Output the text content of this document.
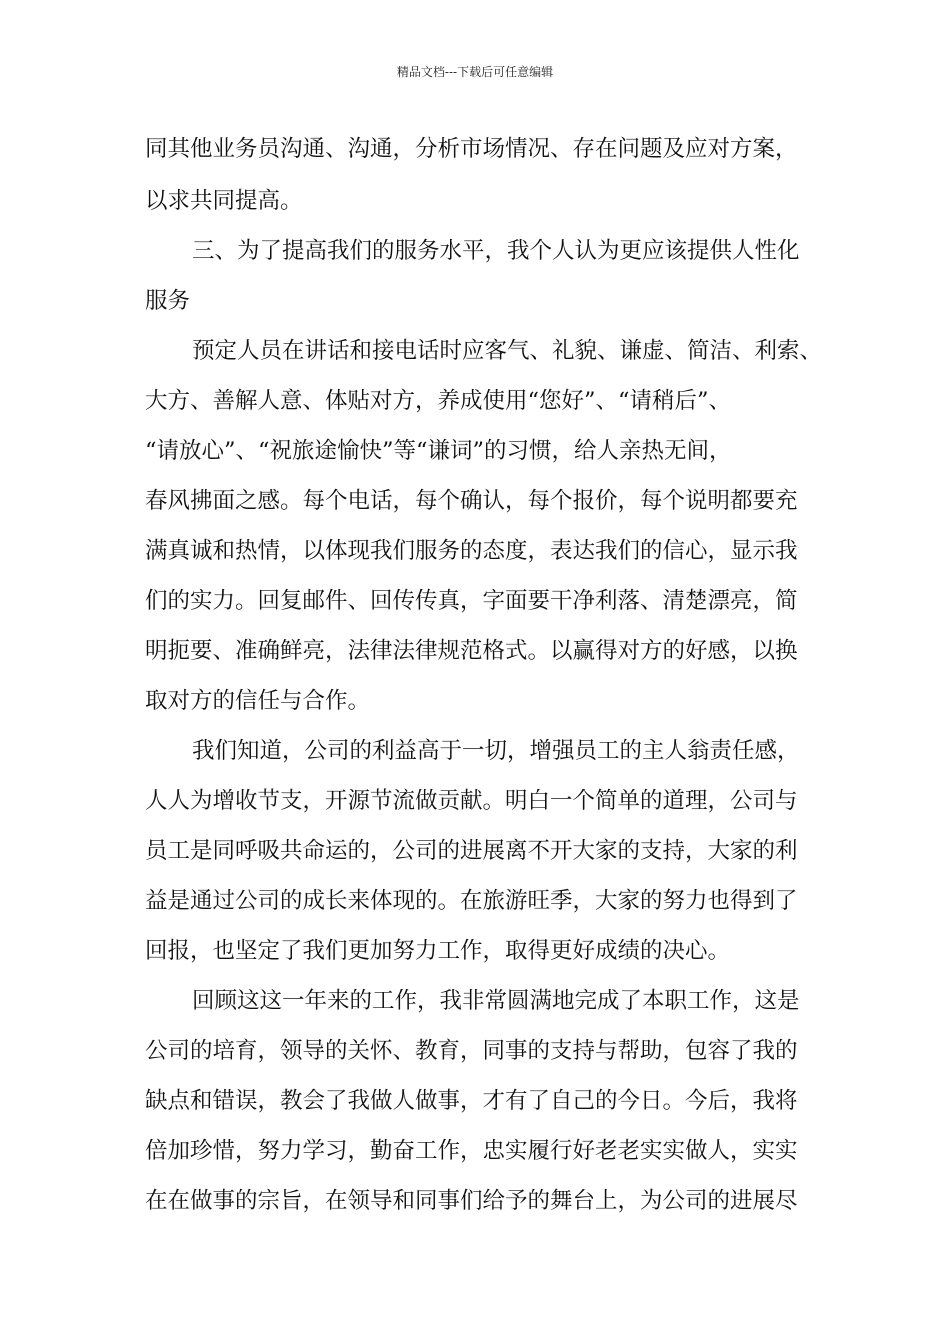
精品文档---下载后可任意编辑
同其他业务员沟通、沟通，分析市场情况、存在问题及应对方案，
以求共同提高。
三、为了提高我们的服务水平，我个人认为更应该提供人性化
服务
预定人员在讲话和接电话时应客气、礼貌、谦虚、简洁、利索、
大方、善解人意、体贴对方，养成使用“您好”、“请稍后”、
“请放心”、“祝旅途愉快”等“谦词”的习惯，给人亲热无间，
春风拂面之感。每个电话，每个确认，每个报价，每个说明都要充
满真诚和热情，以体现我们服务的态度，表达我们的信心，显示我
们的实力。回复邮件、回传传真，字面要干净利落、清楚漂亮，简
明扼要、准确鲜亮，法律法律规范格式。以赢得对方的好感，以换
取对方的信任与合作。
我们知道，公司的利益高于一切，增强员工的主人翁责任感，
人人为增收节支，开源节流做贡献。明白一个简单的道理，公司与
员工是同呼吸共命运的，公司的进展离不开大家的支持，大家的利
益是通过公司的成长来体现的。在旅游旺季，大家的努力也得到了
回报，也坚定了我们更加努力工作，取得更好成绩的决心。
回顾这这一年来的工作，我非常圆满地完成了本职工作，这是
公司的培育，领导的关怀、教育，同事的支持与帮助，包容了我的
缺点和错误，教会了我做人做事，才有了自己的今日。今后，我将
倍加珍惜，努力学习，勤奋工作，忠实履行好老老实实做人，实实
在在做事的宗旨，在领导和同事们给予的舞台上，为公司的进展尽
